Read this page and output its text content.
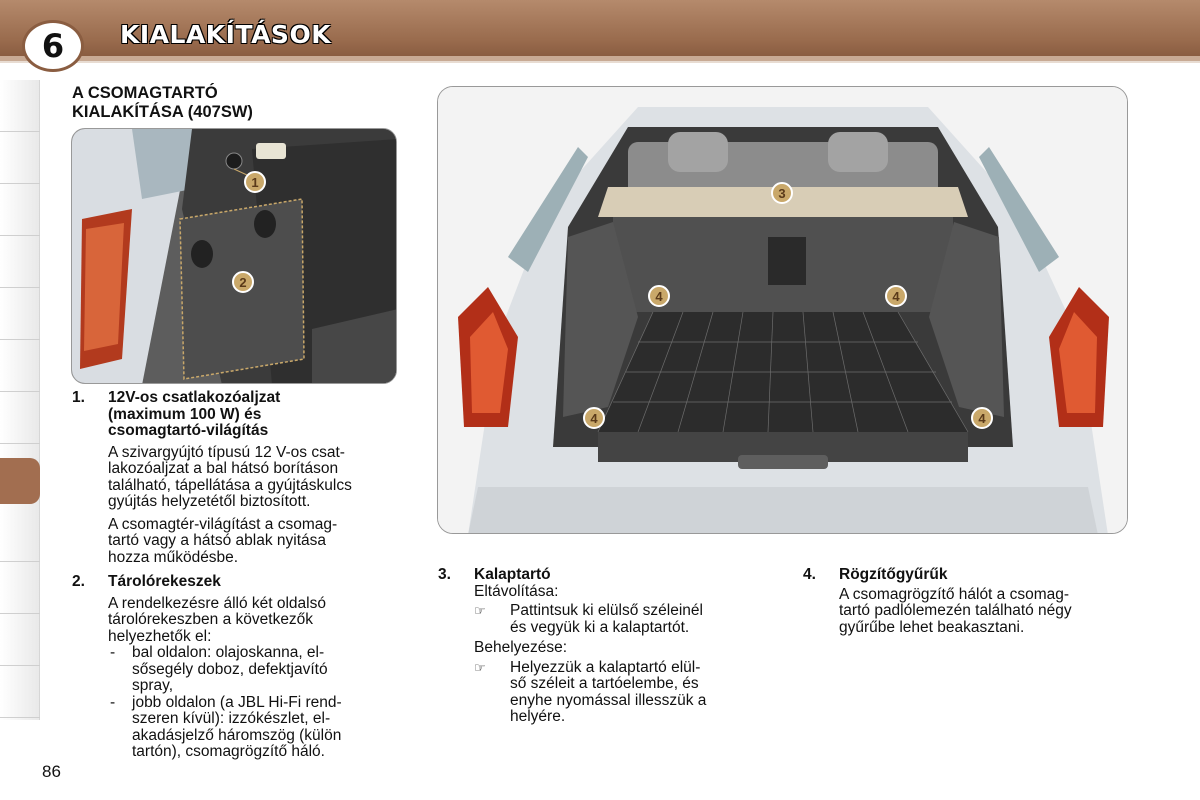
6 KIALAKÍTÁSOK
A CSOMAGTARTÓ
KIALAKÍTÁSA (407SW)
1
2
3
4	4
4	4
1. 12V-os csatlakozóaljzat
(maximum 100 W) és
csomagtartó-világítás
A szivargyújtó típusú 12 V-os csat-
lakozóaljzat a bal hátsó borításon
található, tápellátása a gyújtáskulcs
gyújtás helyzetétől biztosított.
A csomagtér-világítást a csomag-
tartó vagy a hátsó ablak nyitása
hozza működésbe.
2. Tárolórekeszek
A rendelkezésre álló két oldalsó
tárolórekeszben a következők
helyezhetők el:
- bal oldalon: olajoskanna, el-
sősegély doboz, defektjavító
spray,
- jobb oldalon (a JBL Hi-Fi rend-
szeren kívül): izzókészlet, el-
akadásjelző háromszög (külön
tartón), csomagrögzítő háló.
3. Kalaptartó
Eltávolítása:
☞ Pattintsuk ki elülső széleinél
és vegyük ki a kalaptartót.
Behelyezése:
☞ Helyezzük a kalaptartó elül-
ső széleit a tartóelembe, és
enyhe nyomással illesszük a
helyére.
4. Rögzítőgyűrűk
A csomagrögzítő hálót a csomag-
tartó padlólemezén található négy
gyűrűbe lehet beakasztani.
86
